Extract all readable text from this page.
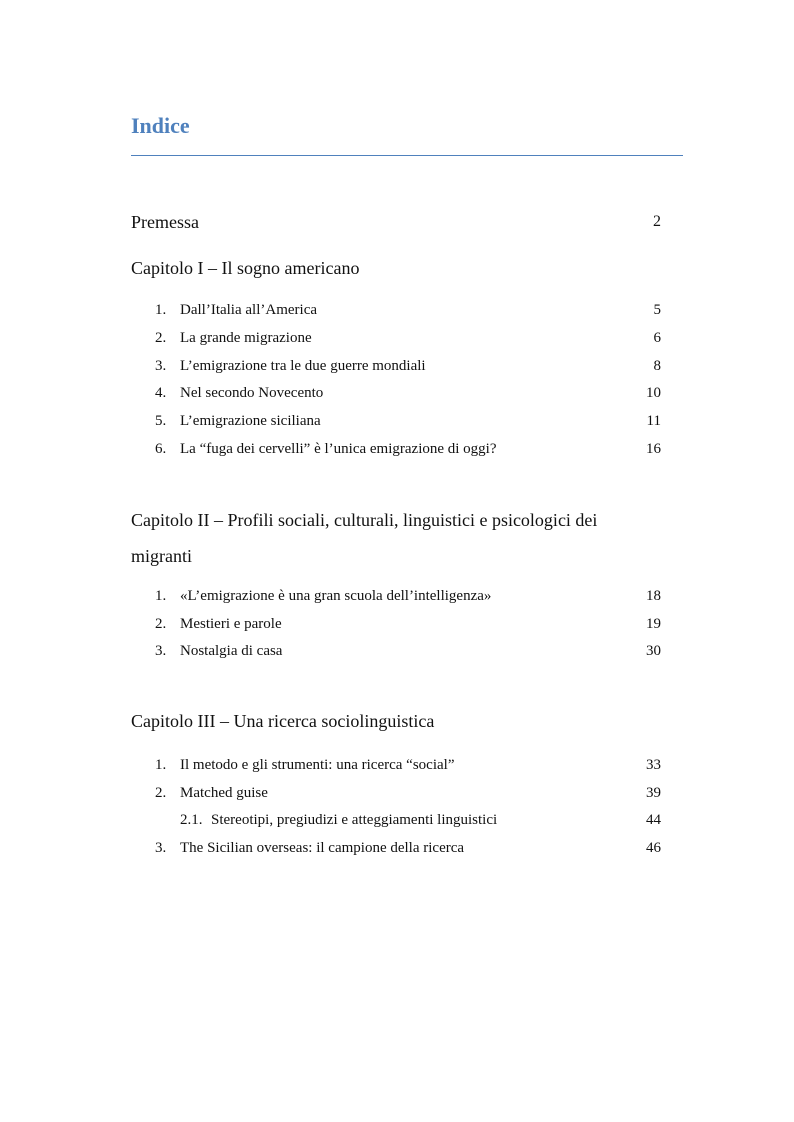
Indice
Premessa	2
Capitolo I – Il sogno americano
1. Dall’Italia all’America	5
2. La grande migrazione	6
3. L’emigrazione tra le due guerre mondiali	8
4. Nel secondo Novecento	10
5. L’emigrazione siciliana	11
6. La “fuga dei cervelli” è l’unica emigrazione di oggi?	16
Capitolo II – Profili sociali, culturali, linguistici e psicologici dei
migranti
1. «L’emigrazione è una gran scuola dell’intelligenza»	18
2. Mestieri e parole	19
3. Nostalgia di casa	30
Capitolo III – Una ricerca sociolinguistica
1. Il metodo e gli strumenti: una ricerca “social”	33
2. Matched guise	39
2.1. Stereotipi, pregiudizi e atteggiamenti linguistici	44
3. The Sicilian overseas: il campione della ricerca	46
